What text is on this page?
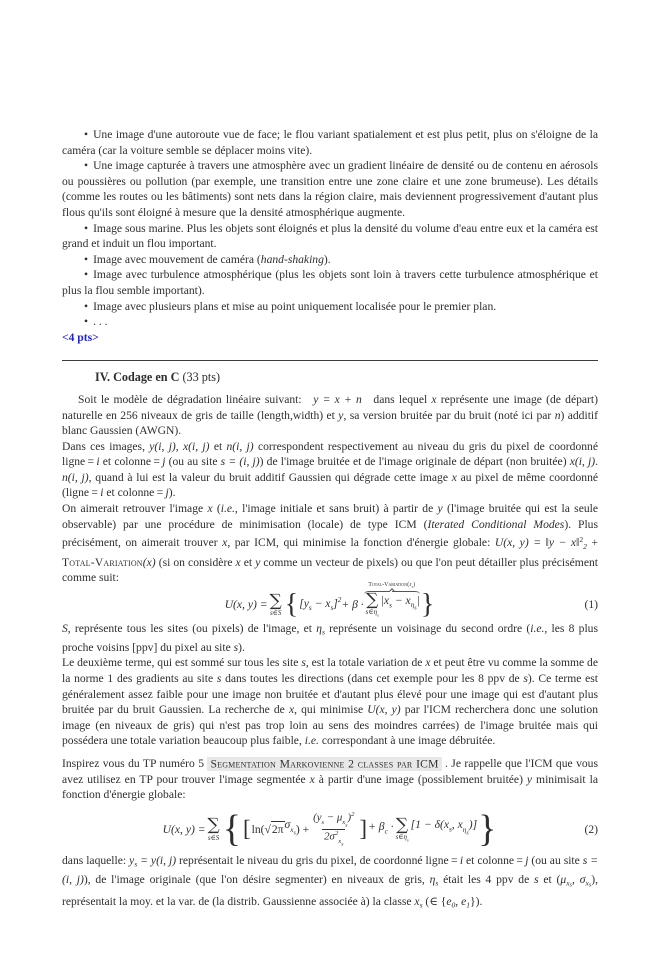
• Une image d'une autoroute vue de face; le flou variant spatialement et est plus petit, plus on s'éloigne de la caméra (car la voiture semble se déplacer moins vite).

• Une image capturée à travers une atmosphère avec un gradient linéaire de densité ou de contenu en aérosols ou poussières ou pollution (par exemple, une transition entre une zone claire et une zone brumeuse). Les détails (comme les routes ou les bâtiments) sont nets dans la région claire, mais deviennent progressivement d'autant plus flous qu'ils sont éloigné à mesure que la densité atmosphérique augmente.

• Image sous marine. Plus les objets sont éloignés et plus la densité du volume d'eau entre eux et la caméra est grand et induit un flou important.

• Image avec mouvement de caméra (hand-shaking).

• Image avec turbulence atmosphérique (plus les objets sont loin à travers cette turbulence atmosphérique et plus la flou semble important).

• Image avec plusieurs plans et mise au point uniquement localisée pour le premier plan.

• . . .

<4 pts>

IV. Codage en C (33 pts)

Soit le modèle de dégradation linéaire suivant:  y = x + n  dans lequel x représente une image (de départ) naturelle en 256 niveaux de gris de taille (length,width) et y, sa version bruitée par du bruit (noté ici par n) additif blanc Gaussien (AWGN).

Dans ces images, y(i, j), x(i, j) et n(i, j) correspondent respectivement au niveau du gris du pixel de coordonné ligne = i et colonne = j (ou au site s = (i, j)) de l'image bruitée et de l'image originale de départ (non bruitée) x(i, j). n(i, j), quand à lui est la valeur du bruit additif Gaussien qui dégrade cette image x au pixel de même coordonné (ligne = i et colonne = j).

On aimerait retrouver l'image x (i.e., l'image initiale et sans bruit) à partir de y (l'image bruitée qui est la seule observable) par une procédure de minimisation (locale) de type ICM (Iterated Conditional Modes). Plus précisément, on aimerait trouver x, par ICM, qui minimise la fonction d'énergie globale: U(x, y) = ‖y − x‖$^2_2$ + Total-Variation(x) (si on considère x et y comme un vecteur de pixels) ou que l'on peut détailler plus précisément comme suit:

U(x, y) = ∑
s∈S { $[y_s - x_s]^2 + \beta$ ·
Total-$Variation(x_s)$
∑
$s\in\eta_s$
$|x_s - x_{\eta_s}|$ }	(1)

S, représente tous les sites (ou pixels) de l'image, et $\eta_s$ représente un voisinage du second ordre (i.e., les 8 plus proche voisins [ppv] du pixel au site s).

Le deuxième terme, qui est sommé sur tous les site s, est la totale variation de x et peut être vu comme la somme de la norme 1 des gradients au site s dans toutes les directions (dans cet exemple pour les 8 ppv de s). Ce terme est généralement assez faible pour une image non bruitée et d'autant plus élevé pour une image qui est d'autant plus bruitée par du bruit Gaussien. La recherche de x, qui minimise U(x, y) par l'ICM recherchera donc une solution image (en niveaux de gris) qui n'est pas trop loin au sens des moindres carrées) de l'image bruitée mais qui possédera une totale variation beaucoup plus faible, i.e. correspondant à une image débruitée.

Inspirez vous du TP numéro 5 Segmentation Markovienne 2 classes par ICM . Je rappelle que l'ICM que vous avez utilisez en TP pour trouver l'image segmentée x à partir d'une image (possiblement bruitée) y minimisait la fonction d'énergie globale:

U(x, y) = ∑
s∈S { [ ln( √ 2π $\sigma_{x_s}$ ) + $\frac{(y_s - \mu_{x_s})^2}{2\sigma^2_{x_s}}$ ] + $\beta_c$ · ∑
$s\in\eta_s$
[$1 - \delta(x_s$, $x_{\eta_s}$)] }	(2)

dans laquelle: $y_s = y(i$, j) représentait le niveau du gris du pixel, de coordonné ligne = i et colonne = j (ou au site s = (i, j)), de l'image originale (que l'on désire segmenter) en niveaux de gris, $\eta_s$ était les 4 ppv de s et ($\mu_{xs}$, $\sigma_{xs}$), représentait la moy. et la var. de (la distrib. Gaussienne associée à) la classe $x_s$ (∈ {$e_0$, $e_1$}).
